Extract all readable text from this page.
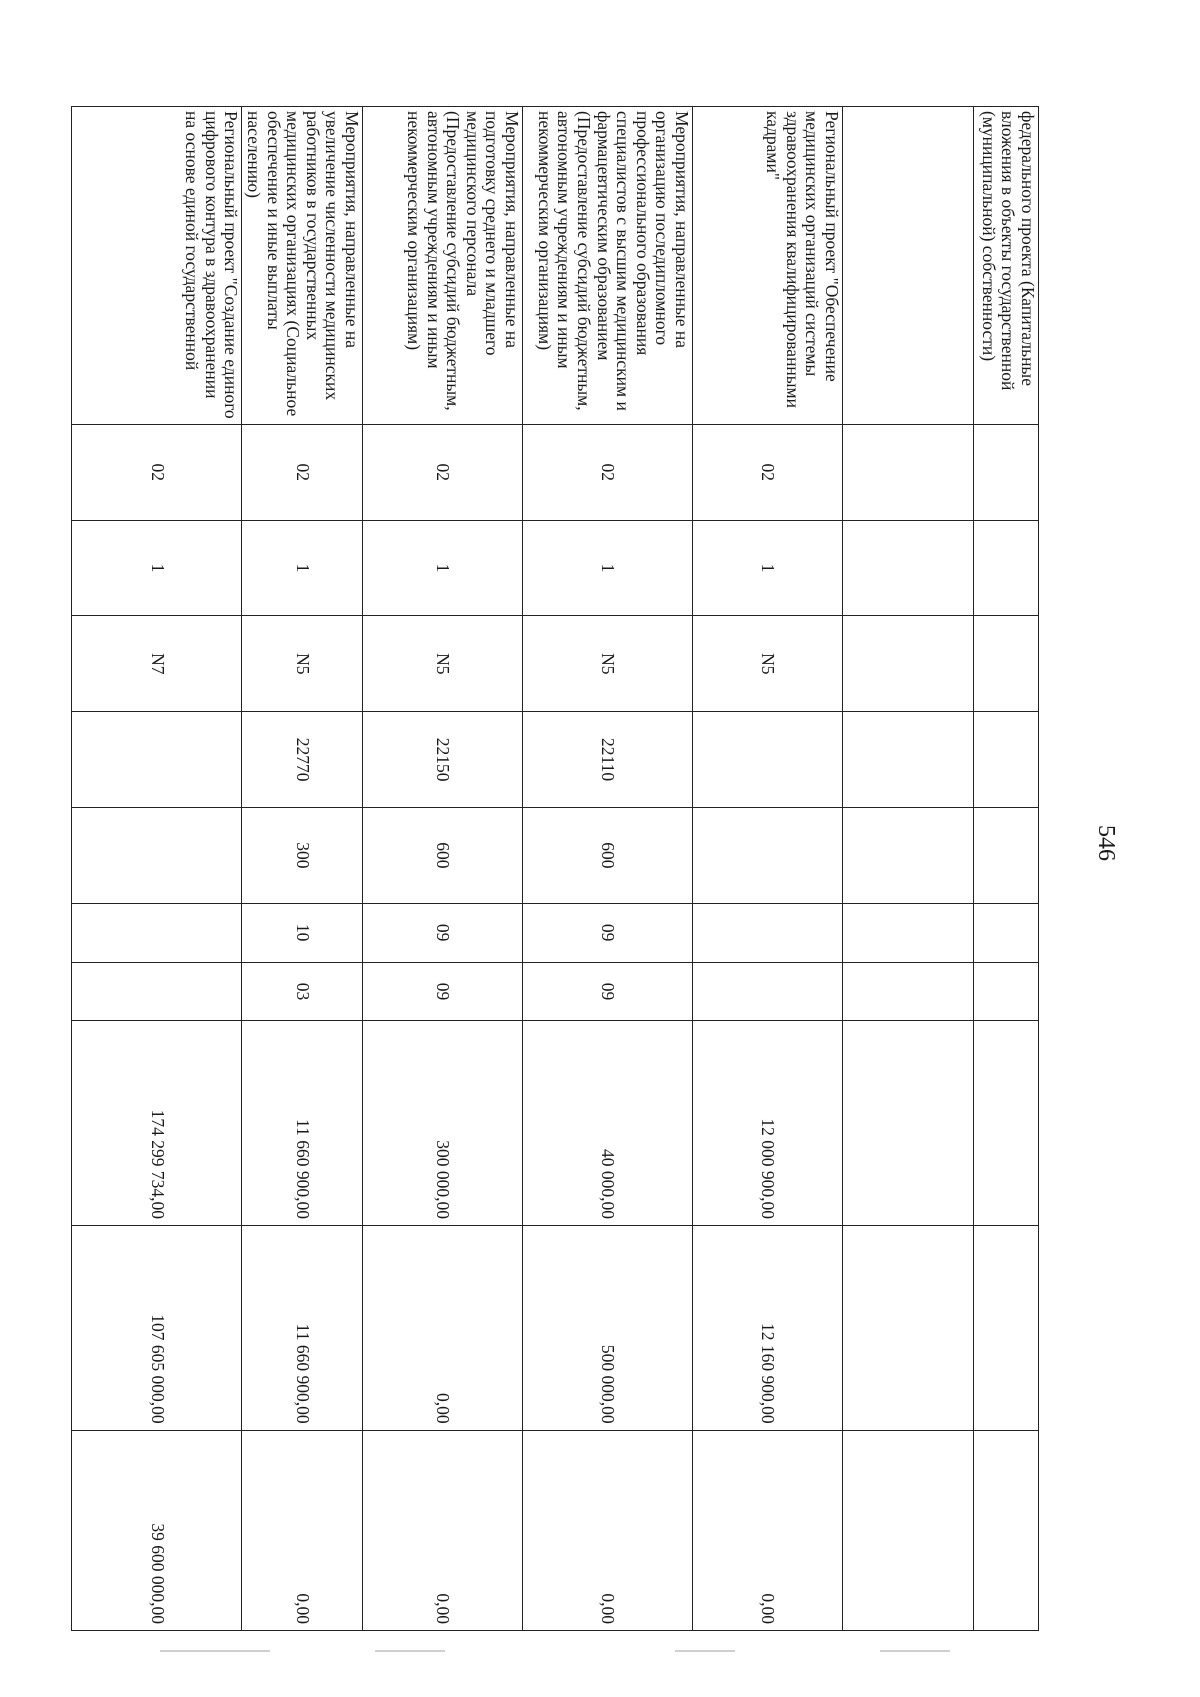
546
федерального проекта (Капитальные вложения в объекты государственной (муниципальной) собственности)										

Региональный проект "Обеспечение медицинских организаций системы здравоохранения квалифицированными кадрами"	02	1	N5					12 000 900,00	12 160 900,00	0,00
Мероприятия, направленные на организацию последипломного профессионального образования специалистов с высшим медицинским и фармацевтическим образованием (Предоставление субсидий бюджетным, автономным учреждениям и иным некоммерческим организациям)	02	1	N5	22110	600	09	09	40 000,00	500 000,00	0,00
Мероприятия, направленные на подготовку среднего и младшего медицинского персонала (Предоставление субсидий бюджетным, автономным учреждениям и иным некоммерческим организациям)	02	1	N5	22150	600	09	09	300 000,00	0,00	0,00
Мероприятия, направленные на увеличение численности медицинских работников в государственных медицинских организациях (Социальное обеспечение и иные выплаты населению)	02	1	N5	22770	300	10	03	11 660 900,00	11 660 900,00	0,00
Региональный проект "Создание единого цифрового контура в здравоохранении на основе единой государственной	02	1	N7					174 299 734,00	107 605 000,00	39 600 000,00
